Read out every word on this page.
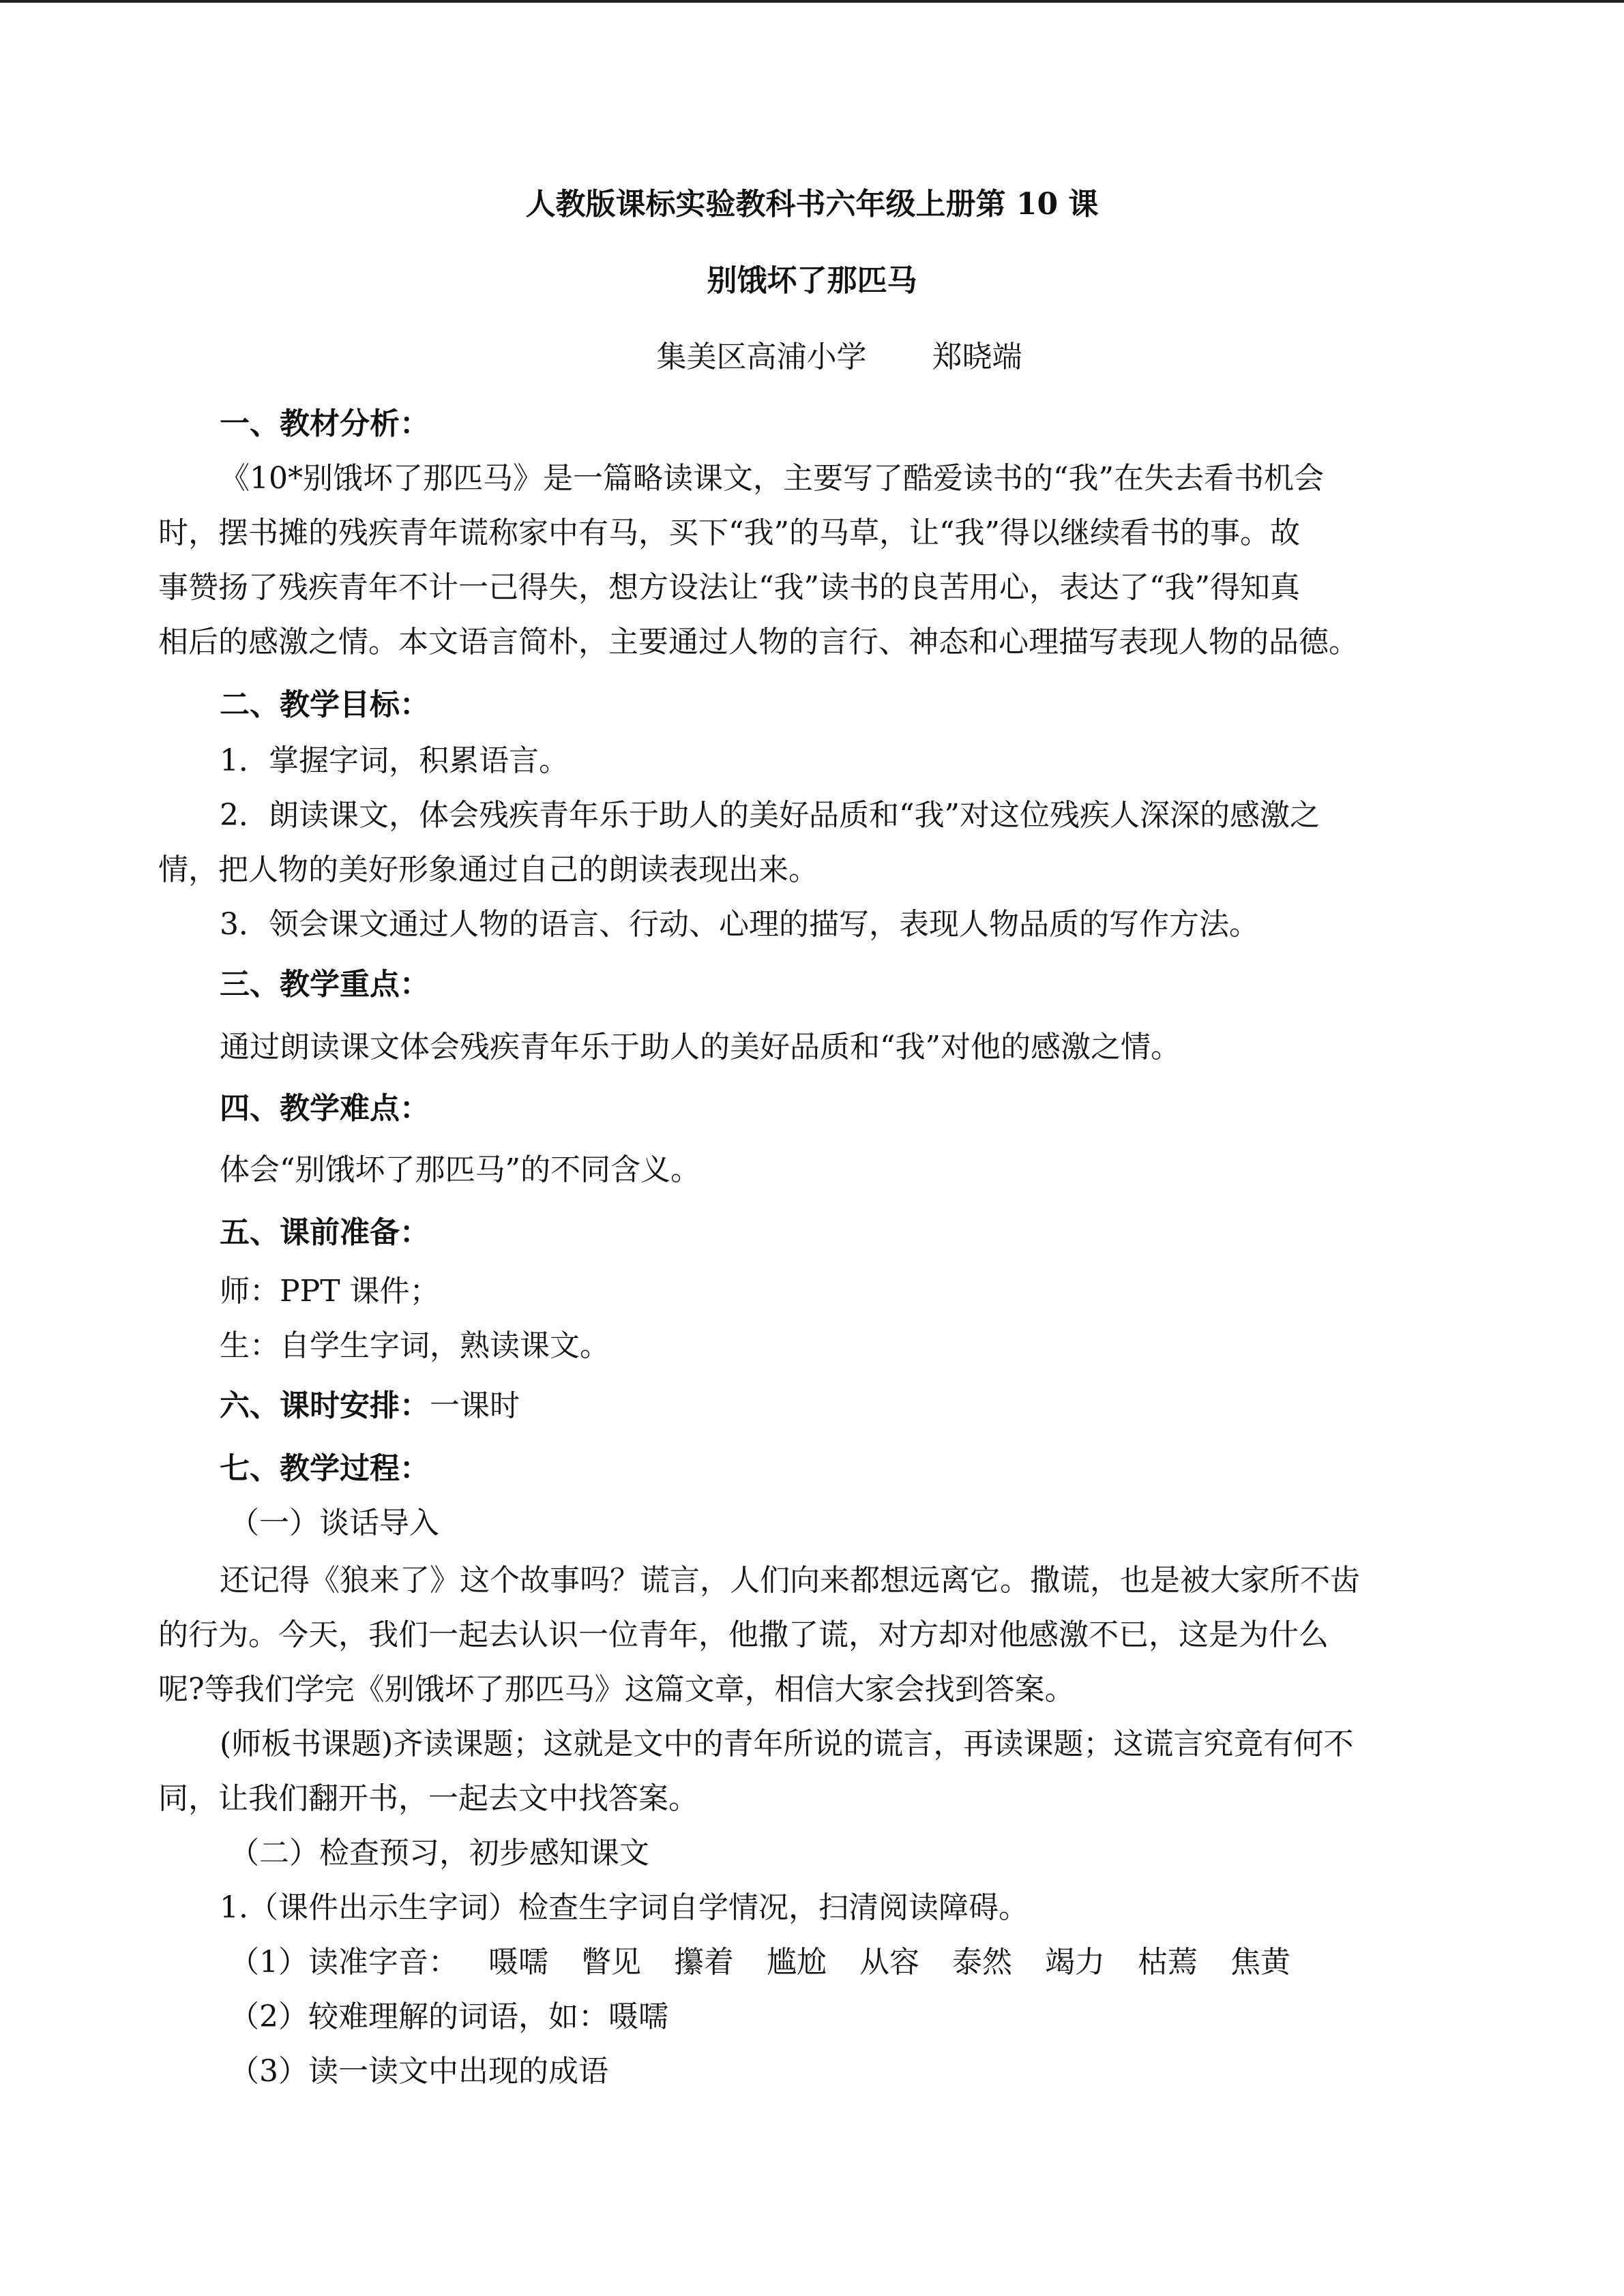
人教版课标实验教科书六年级上册第 10 课
别饿坏了那匹马
集美区高浦小学 郑晓端
一、教材分析：
《10*别饿坏了那匹马》是一篇略读课文，主要写了酷爱读书的“我”在失去看书机会
时，摆书摊的残疾青年谎称家中有马，买下“我”的马草，让“我”得以继续看书的事。故
事赞扬了残疾青年不计一己得失，想方设法让“我”读书的良苦用心，表达了“我”得知真
相后的感激之情。本文语言简朴，主要通过人物的言行、神态和心理描写表现人物的品德。
二、教学目标：
1．掌握字词，积累语言。
2．朗读课文，体会残疾青年乐于助人的美好品质和“我”对这位残疾人深深的感激之
情，把人物的美好形象通过自己的朗读表现出来。
3．领会课文通过人物的语言、行动、心理的描写，表现人物品质的写作方法。
三、教学重点：
通过朗读课文体会残疾青年乐于助人的美好品质和“我”对他的感激之情。
四、教学难点：
体会“别饿坏了那匹马”的不同含义。
五、课前准备：
师：PPT 课件；
生：自学生字词，熟读课文。
六、课时安排：一课时
七、教学过程：
（一）谈话导入
还记得《狼来了》这个故事吗？谎言，人们向来都想远离它。撒谎，也是被大家所不齿
的行为。今天，我们一起去认识一位青年，他撒了谎，对方却对他感激不已，这是为什么
呢?等我们学完《别饿坏了那匹马》这篇文章，相信大家会找到答案。
(师板书课题)齐读课题；这就是文中的青年所说的谎言，再读课题；这谎言究竟有何不
同，让我们翻开书，一起去文中找答案。
（二）检查预习，初步感知课文
1.（课件出示生字词）检查生字词自学情况，扫清阅读障碍。
（1）读准字音： 嗫嚅 瞥见 攥着 尴尬 从容 泰然 竭力 枯蔫 焦黄
（2）较难理解的词语，如：嗫嚅
（3）读一读文中出现的成语
